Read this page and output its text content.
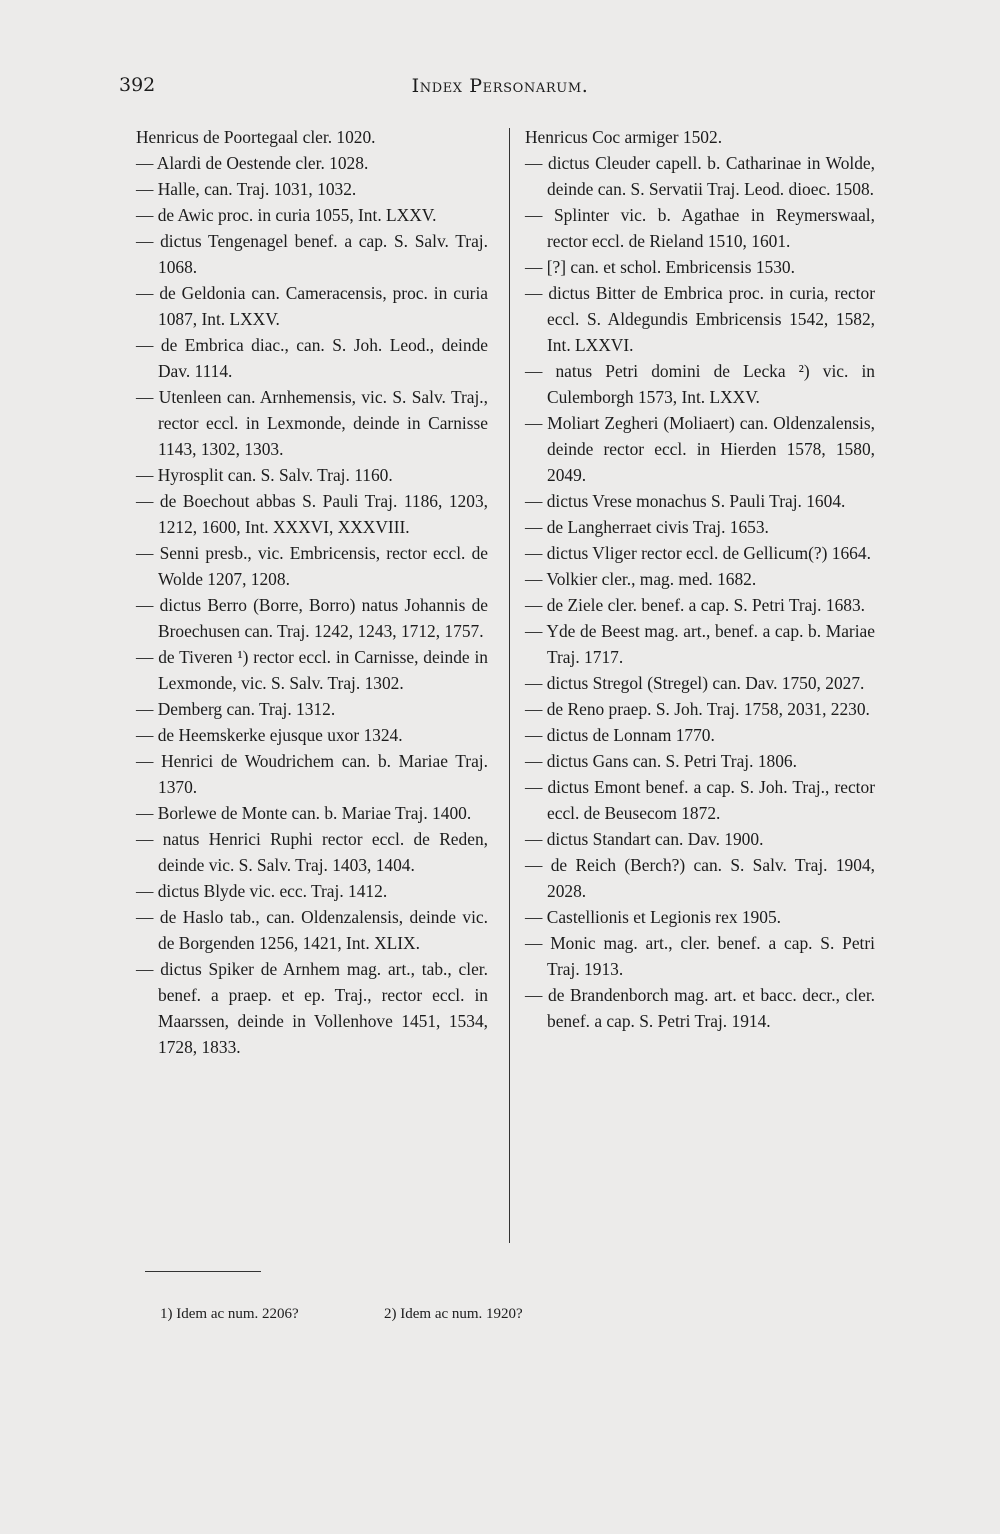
392	Index Personarum.

Henricus de Poortegaal cler. 1020.

— Alardi de Oestende cler. 1028.

— Halle, can. Traj. 1031, 1032.

— de Awic proc. in curia 1055, Int. LXXV.

— dictus Tengenagel benef. a cap. S. Salv. Traj. 1068.

— de Geldonia can. Cameracensis, proc. in curia 1087, Int. LXXV.

— de Embrica diac., can. S. Joh. Leod., deinde Dav. 1114.

— Utenleen can. Arnhemensis, vic. S. Salv. Traj., rector eccl. in Lexmonde, deinde in Carnisse 1143, 1302, 1303.

— Hyrosplit can. S. Salv. Traj. 1160.

— de Boechout abbas S. Pauli Traj. 1186, 1203, 1212, 1600, Int. XXXVI, XXXVIII.

— Senni presb., vic. Embricensis, rector eccl. de Wolde 1207, 1208.

— dictus Berro (Borre, Borro) natus Johannis de Broechusen can. Traj. 1242, 1243, 1712, 1757.

— de Tiveren ¹) rector eccl. in Carnisse, deinde in Lexmonde, vic. S. Salv. Traj. 1302.

— Demberg can. Traj. 1312.

— de Heemskerke ejusque uxor 1324.

— Henrici de Woudrichem can. b. Mariae Traj. 1370.

— Borlewe de Monte can. b. Mariae Traj. 1400.

— natus Henrici Ruphi rector eccl. de Reden, deinde vic. S. Salv. Traj. 1403, 1404.

— dictus Blyde vic. ecc. Traj. 1412.

— de Haslo tab., can. Oldenzalensis, deinde vic. de Borgenden 1256, 1421, Int. XLIX.

— dictus Spiker de Arnhem mag. art., tab., cler. benef. a praep. et ep. Traj., rector eccl. in Maarssen, deinde in Vollenhove 1451, 1534, 1728, 1833.

Henricus Coc armiger 1502.

— dictus Cleuder capell. b. Catharinae in Wolde, deinde can. S. Servatii Traj. Leod. dioec. 1508.

— Splinter vic. b. Agathae in Reymerswaal, rector eccl. de Rieland 1510, 1601.

— [?] can. et schol. Embricensis 1530.

— dictus Bitter de Embrica proc. in curia, rector eccl. S. Aldegundis Embricensis 1542, 1582, Int. LXXVI.

— natus Petri domini de Lecka ²) vic. in Culemborgh 1573, Int. LXXV.

— Moliart Zegheri (Moliaert) can. Oldenzalensis, deinde rector eccl. in Hierden 1578, 1580, 2049.

— dictus Vrese monachus S. Pauli Traj. 1604.

— de Langherraet civis Traj. 1653.

— dictus Vliger rector eccl. de Gellicum(?) 1664.

— Volkier cler., mag. med. 1682.

— de Ziele cler. benef. a cap. S. Petri Traj. 1683.

— Yde de Beest mag. art., benef. a cap. b. Mariae Traj. 1717.

— dictus Stregol (Stregel) can. Dav. 1750, 2027.

— de Reno praep. S. Joh. Traj. 1758, 2031, 2230.

— dictus de Lonnam 1770.

— dictus Gans can. S. Petri Traj. 1806.

— dictus Emont benef. a cap. S. Joh. Traj., rector eccl. de Beusecom 1872.

— dictus Standart can. Dav. 1900.

— de Reich (Berch?) can. S. Salv. Traj. 1904, 2028.

— Castellionis et Legionis rex 1905.

— Monic mag. art., cler. benef. a cap. S. Petri Traj. 1913.

— de Brandenborch mag. art. et bacc. decr., cler. benef. a cap. S. Petri Traj. 1914.

1) Idem ac num. 2206?	2) Idem ac num. 1920?
